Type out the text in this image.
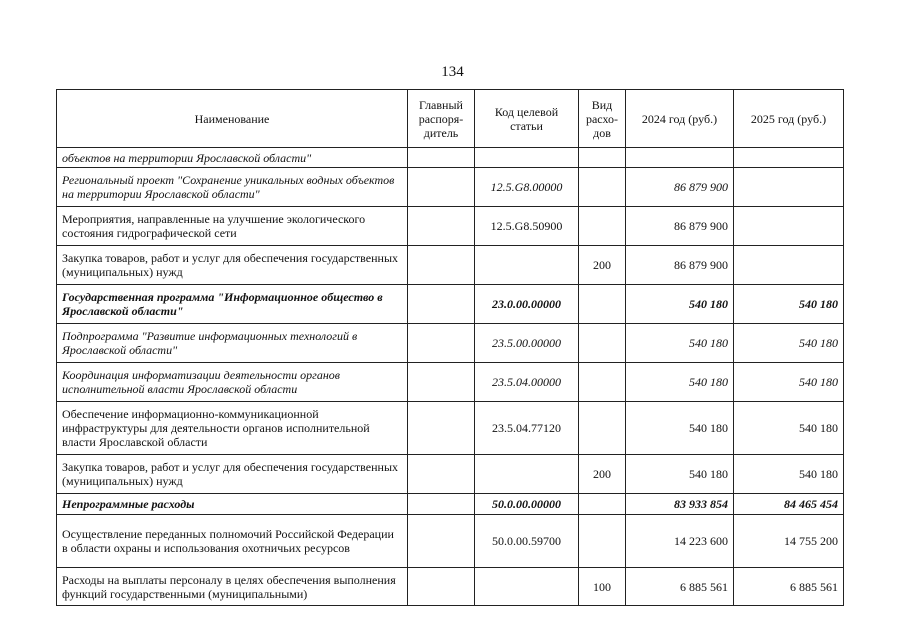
134
Наименование	Главный распоря-дитель	Код целевой статьи	Вид расхо-дов	2024 год (руб.)	2025 год (руб.)
объектов на территории Ярославской области"					
Региональный проект "Сохранение уникальных водных объектов на территории Ярославской области"		12.5.G8.00000		86 879 900	
Мероприятия, направленные на улучшение экологического состояния гидрографической сети		12.5.G8.50900		86 879 900	
Закупка товаров, работ и услуг для обеспечения государственных (муниципальных) нужд			200	86 879 900	
Государственная программа "Информационное общество в Ярославской области"		23.0.00.00000		540 180	540 180
Подпрограмма "Развитие информационных технологий в Ярославской области"		23.5.00.00000		540 180	540 180
Координация информатизации деятельности органов исполнительной власти Ярославской области		23.5.04.00000		540 180	540 180
Обеспечение информационно-коммуникационной инфраструктуры для деятельности органов исполнительной власти Ярославской области		23.5.04.77120		540 180	540 180
Закупка товаров, работ и услуг для обеспечения государственных (муниципальных) нужд			200	540 180	540 180
Непрограммные расходы		50.0.00.00000		83 933 854	84 465 454
Осуществление переданных полномочий Российской Федерации в области охраны и использования охотничьих ресурсов		50.0.00.59700		14 223 600	14 755 200
Расходы на выплаты персоналу в целях обеспечения выполнения функций государственными (муниципальными)			100	6 885 561	6 885 561
